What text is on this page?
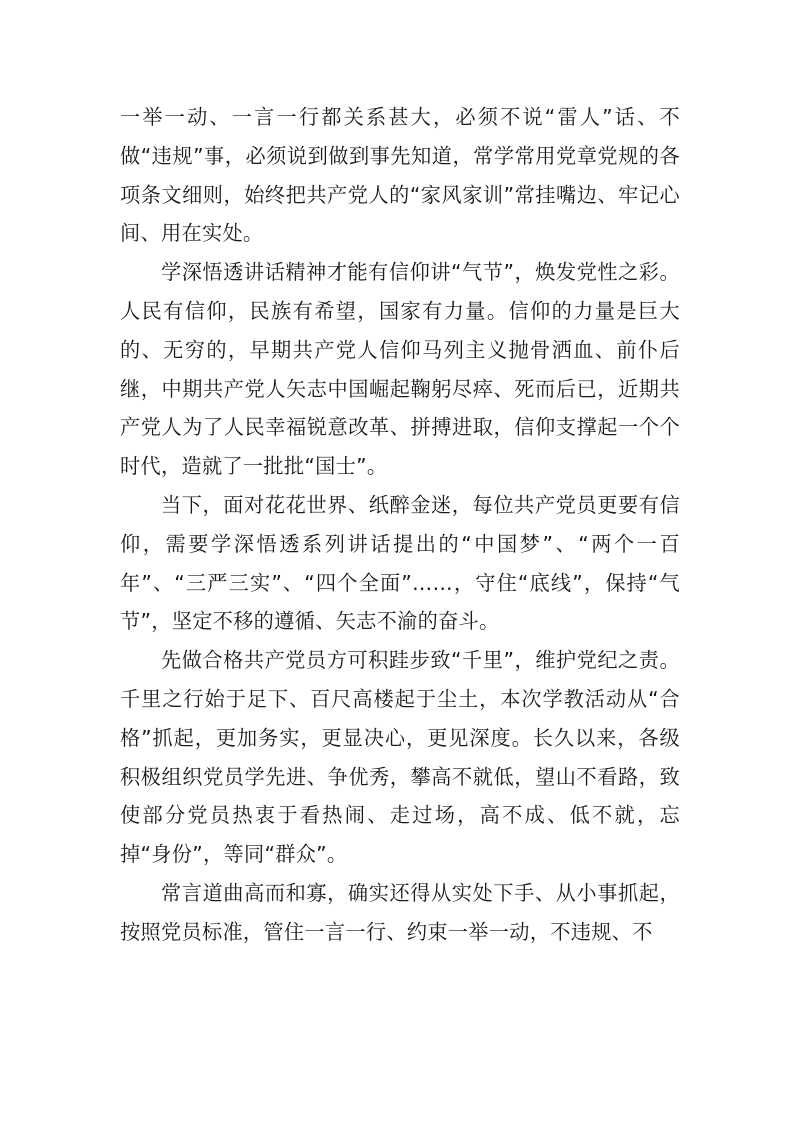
一举一动、一言一行都关系甚大，必须不说“雷人”话、不做“违规”事，必须说到做到事先知道，常学常用党章党规的各项条文细则，始终把共产党人的“家风家训”常挂嘴边、牢记心间、用在实处。

学深悟透讲话精神才能有信仰讲“气节”，焕发党性之彩。人民有信仰，民族有希望，国家有力量。信仰的力量是巨大的、无穷的，早期共产党人信仰马列主义抛骨洒血、前仆后继，中期共产党人矢志中国崛起鞠躬尽瘁、死而后已，近期共产党人为了人民幸福锐意改革、拼搏进取，信仰支撑起一个个时代，造就了一批批“国士”。

当下，面对花花世界、纸醉金迷，每位共产党员更要有信仰，需要学深悟透系列讲话提出的“中国梦”、“两个一百年”、“三严三实”、“四个全面”……，守住“底线”，保持“气节”，坚定不移的遵循、矢志不渝的奋斗。

先做合格共产党员方可积跬步致“千里”，维护党纪之责。千里之行始于足下、百尺高楼起于尘土，本次学教活动从“合格”抓起，更加务实，更显决心，更见深度。长久以来，各级积极组织党员学先进、争优秀，攀高不就低，望山不看路，致使部分党员热衷于看热闹、走过场，高不成、低不就，忘掉“身份”，等同“群众”。

常言道曲高而和寡，确实还得从实处下手、从小事抓起，按照党员标准，管住一言一行、约束一举一动，不违规、不
